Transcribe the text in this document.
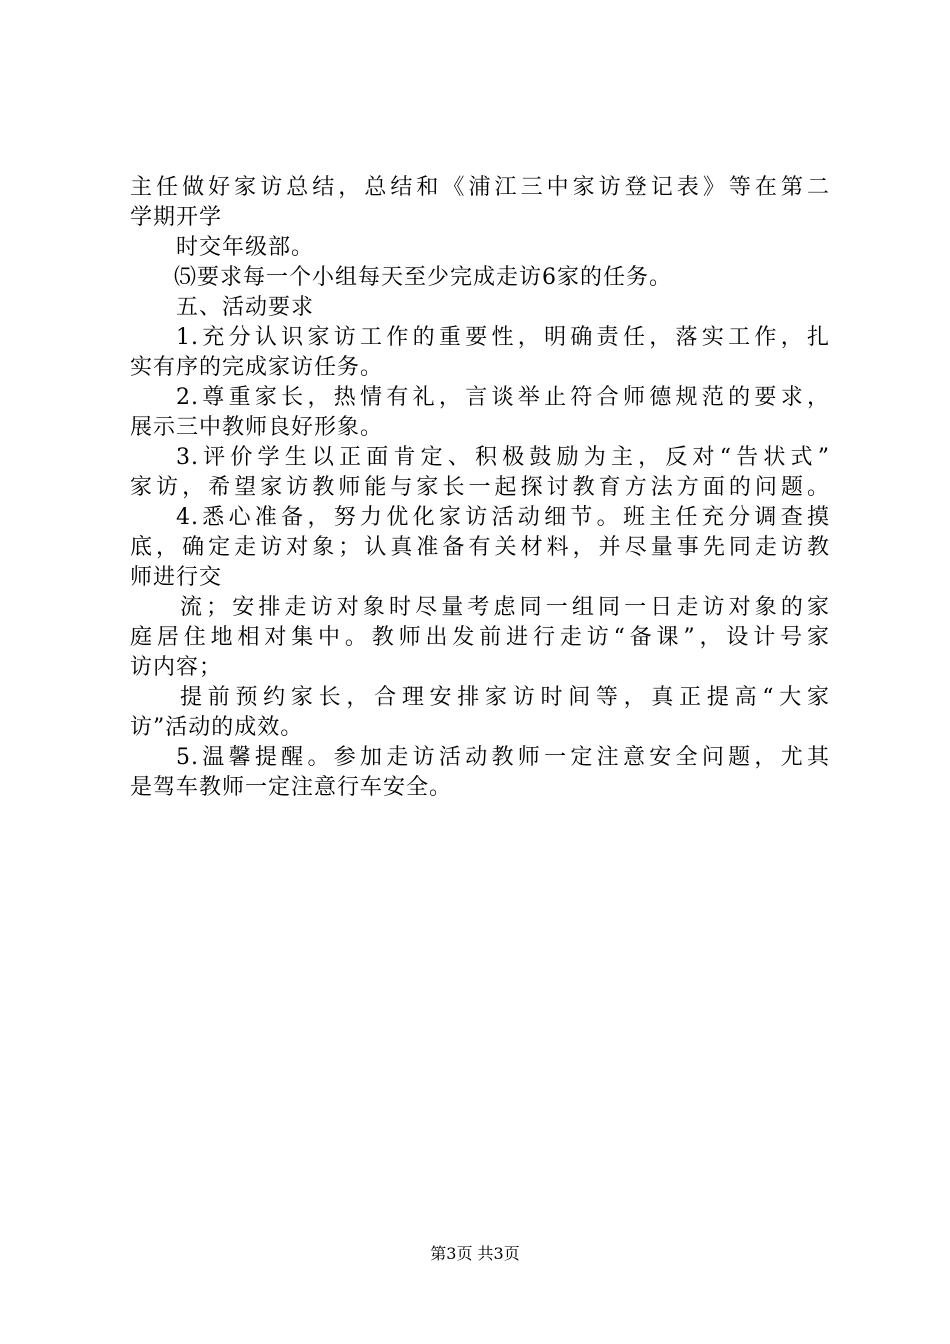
主任做好家访总结，总结和《浦江三中家访登记表》等在第二
学期开学
时交年级部。
⑸要求每一个小组每天至少完成走访6家的任务。
五、活动要求
1.充分认识家访工作的重要性，明确责任，落实工作，扎
实有序的完成家访任务。
2.尊重家长，热情有礼，言谈举止符合师德规范的要求，
展示三中教师良好形象。
3.评价学生以正面肯定、积极鼓励为主，反对“告状式”
家访，希望家访教师能与家长一起探讨教育方法方面的问题。
4.悉心准备，努力优化家访活动细节。班主任充分调查摸
底，确定走访对象；认真准备有关材料，并尽量事先同走访教
师进行交
流；安排走访对象时尽量考虑同一组同一日走访对象的家
庭居住地相对集中。教师出发前进行走访“备课”，设计号家
访内容；
提前预约家长，合理安排家访时间等，真正提高“大家
访”活动的成效。
5.温馨提醒。参加走访活动教师一定注意安全问题，尤其
是驾车教师一定注意行车安全。
第3页 共3页
